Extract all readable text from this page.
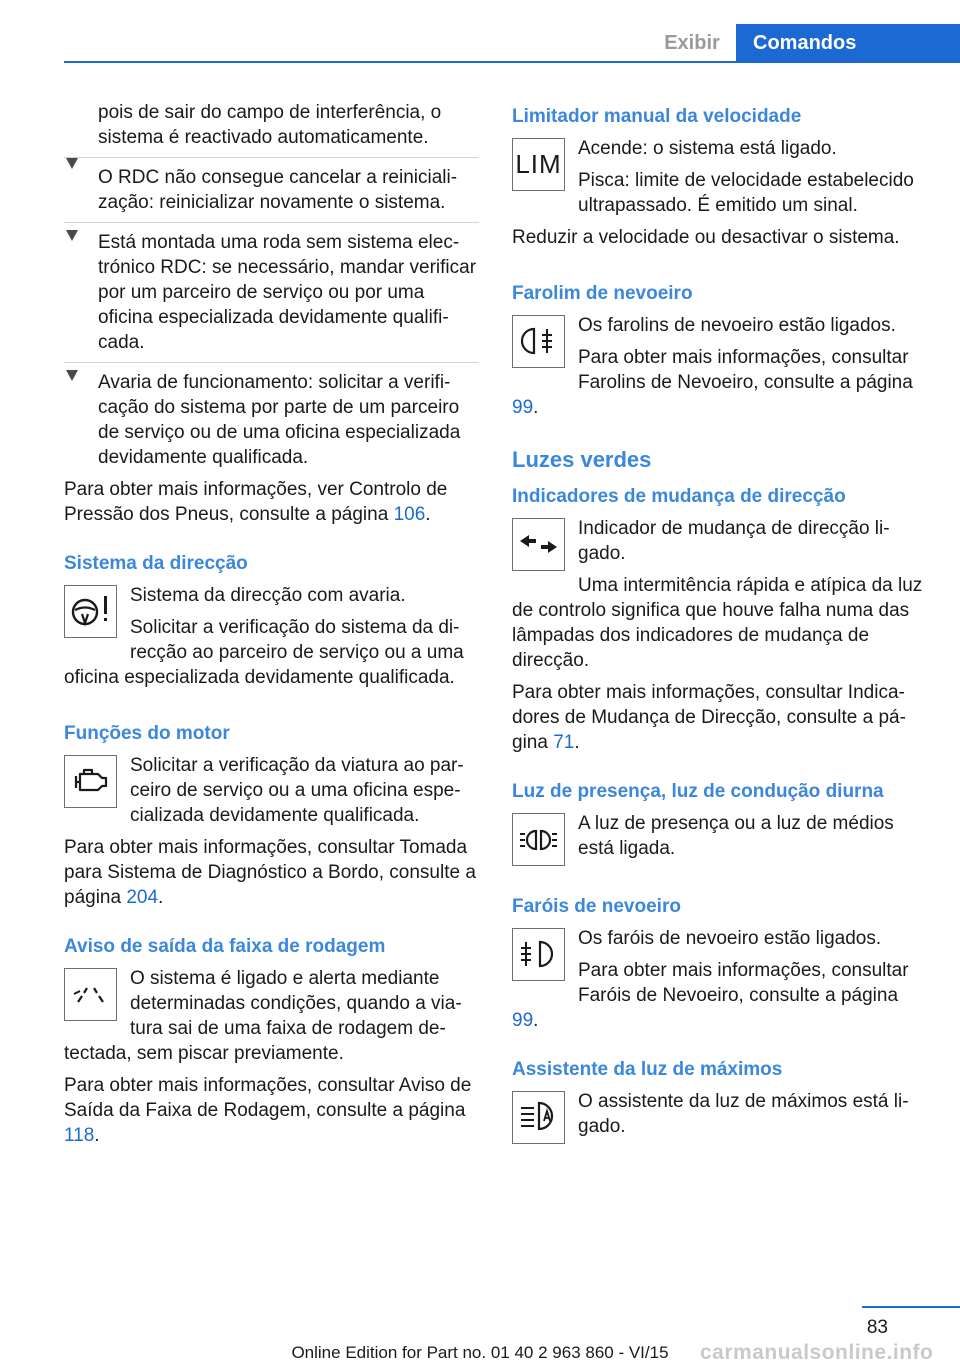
Exibir	Comandos

pois de sair do campo de interferência, o sistema é reactivado automaticamente.

O RDC não consegue cancelar a reinicialização: reinicializar novamente o sistema.
Está montada uma roda sem sistema electrónico RDC: se necessário, mandar verificar por um parceiro de serviço ou por uma oficina especializada devidamente qualificada.
Avaria de funcionamento: solicitar a verificação do sistema por parte de um parceiro de serviço ou de uma oficina especializada devidamente qualificada.

Para obter mais informações, ver Controlo de Pressão dos Pneus, consulte a página 106.

Sistema da direcção

Sistema da direcção com avaria.

Solicitar a verificação do sistema da direcção ao parceiro de serviço ou a uma oficina especializada devidamente qualificada.

Funções do motor

Solicitar a verificação da viatura ao parceiro de serviço ou a uma oficina especializada devidamente qualificada.

Para obter mais informações, consultar Tomada para Sistema de Diagnóstico a Bordo, consulte a página 204.

Aviso de saída da faixa de rodagem

O sistema é ligado e alerta mediante determinadas condições, quando a viatura sai de uma faixa de rodagem detectada, sem piscar previamente.

Para obter mais informações, consultar Aviso de Saída da Faixa de Rodagem, consulte a página 118.

Limitador manual da velocidade
LIM

Acende: o sistema está ligado.

Pisca: limite de velocidade estabelecido ultrapassado. É emitido um sinal.

Reduzir a velocidade ou desactivar o sistema.

Farolim de nevoeiro

Os farolins de nevoeiro estão ligados.

Para obter mais informações, consultar Farolins de Nevoeiro, consulte a página 99.

Luzes verdes
Indicadores de mudança de direcção

Indicador de mudança de direcção ligado.

Uma intermitência rápida e atípica da luz de controlo significa que houve falha numa das lâmpadas dos indicadores de mudança de direcção.

Para obter mais informações, consultar Indicadores de Mudança de Direcção, consulte a página 71.

Luz de presença, luz de condução diurna

A luz de presença ou a luz de médios está ligada.

Faróis de nevoeiro

Os faróis de nevoeiro estão ligados.

Para obter mais informações, consultar Faróis de Nevoeiro, consulte a página 99.

Assistente da luz de máximos

O assistente da luz de máximos está ligado.

83
Online Edition for Part no. 01 40 2 963 860 - VI/15	carmanualsonline.info
